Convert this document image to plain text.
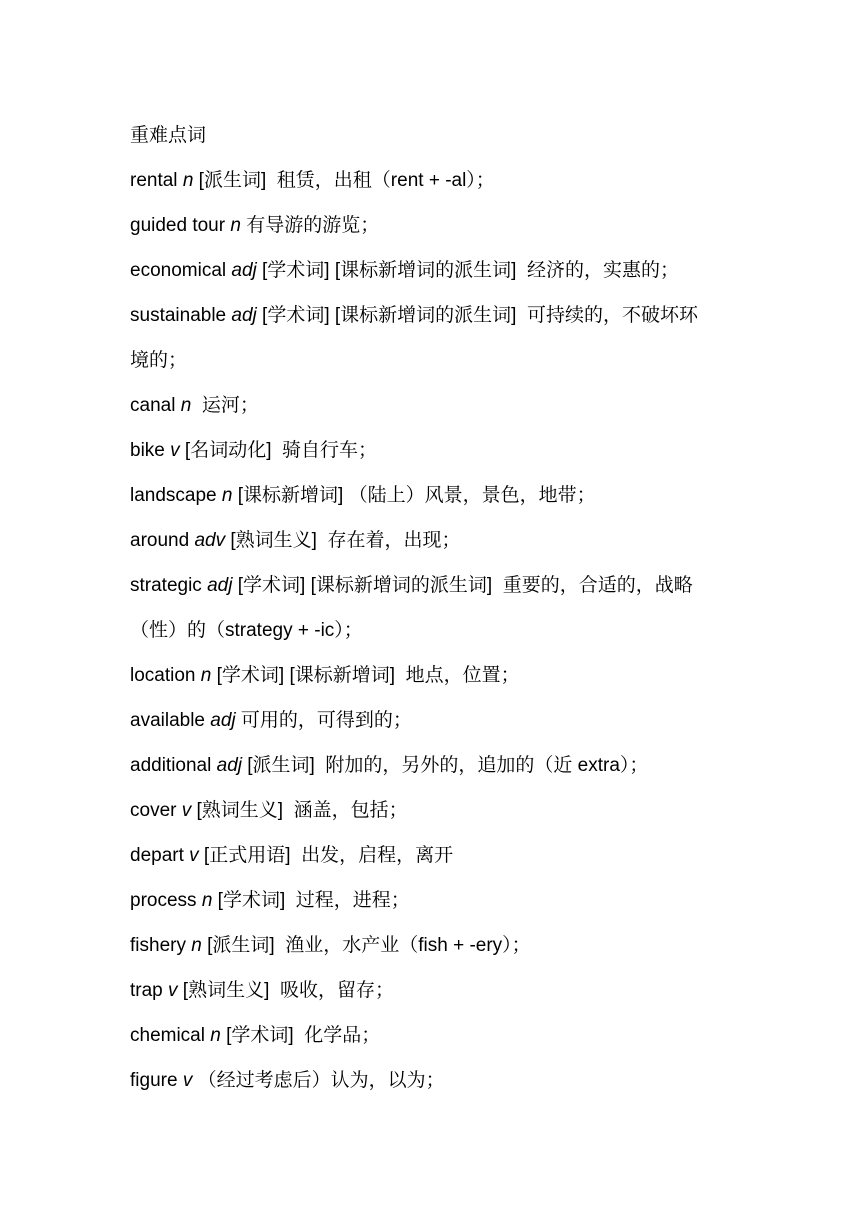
重难点词
rental n [派生词]  租赁，出租（rent + -al）；
guided tour n 有导游的游览；
economical adj [学术词] [课标新增词的派生词]  经济的，实惠的；
sustainable adj [学术词] [课标新增词的派生词]  可持续的，不破坏环
境的；
canal n 运河；
bike v [名词动化]  骑自行车；
landscape n [课标新增词] （陆上）风景，景色，地带；
around adv [熟词生义]  存在着，出现；
strategic adj [学术词] [课标新增词的派生词]  重要的，合适的，战略
（性）的（strategy + -ic）；
location n [学术词] [课标新增词]  地点，位置；
available adj 可用的，可得到的；
additional adj [派生词]  附加的，另外的，追加的（近 extra）；
cover v [熟词生义]  涵盖，包括；
depart v [正式用语]  出发，启程，离开
process n [学术词]  过程，进程；
fishery n [派生词]  渔业，水产业（fish + -ery）；
trap v [熟词生义]  吸收，留存；
chemical n [学术词]  化学品；
figure v （经过考虑后）认为，以为；
